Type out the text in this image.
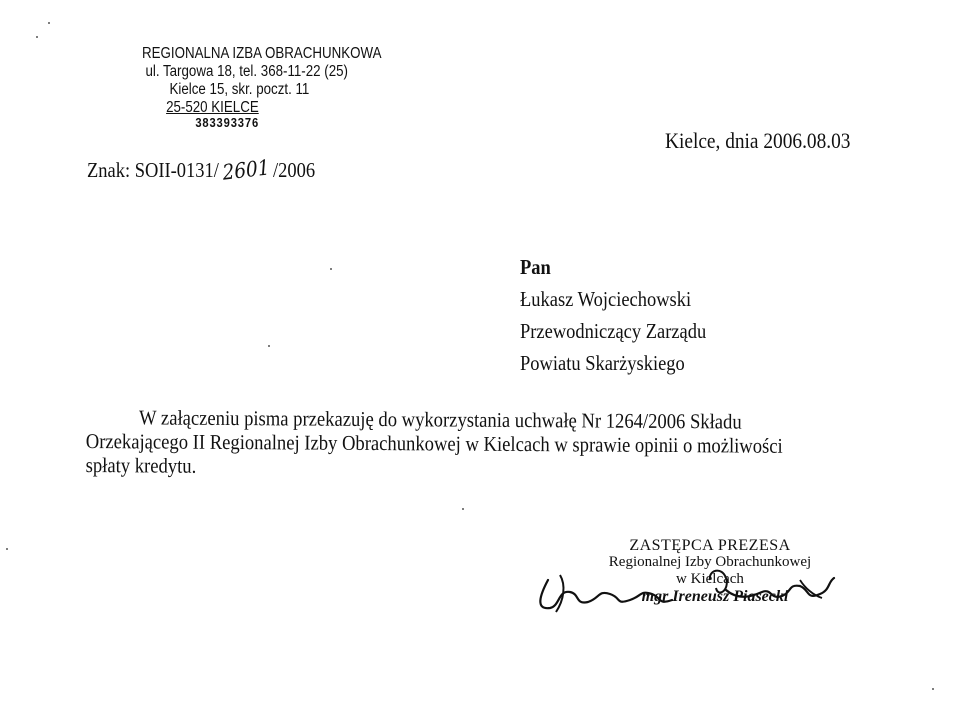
REGIONALNA IZBA OBRACHUNKOWA
ul. Targowa 18, tel. 368-11-22 (25)
Kielce 15, skr. poczt. 11
25-520 KIELCE
383393376
Znak: SOII-0131/ 2601 /2006
Kielce, dnia 2006.08.03
Pan
Łukasz Wojciechowski
Przewodniczący Zarządu
Powiatu Skarżyskiego
W załączeniu pisma przekazuję do wykorzystania uchwałę Nr 1264/2006 Składu
Orzekającego II Regionalnej Izby Obrachunkowej w Kielcach w sprawie opinii o możliwości
spłaty kredytu.
ZASTĘPCA PREZESA
Regionalnej Izby Obrachunkowej
w Kielcach
mgr Ireneusz Piasecki
